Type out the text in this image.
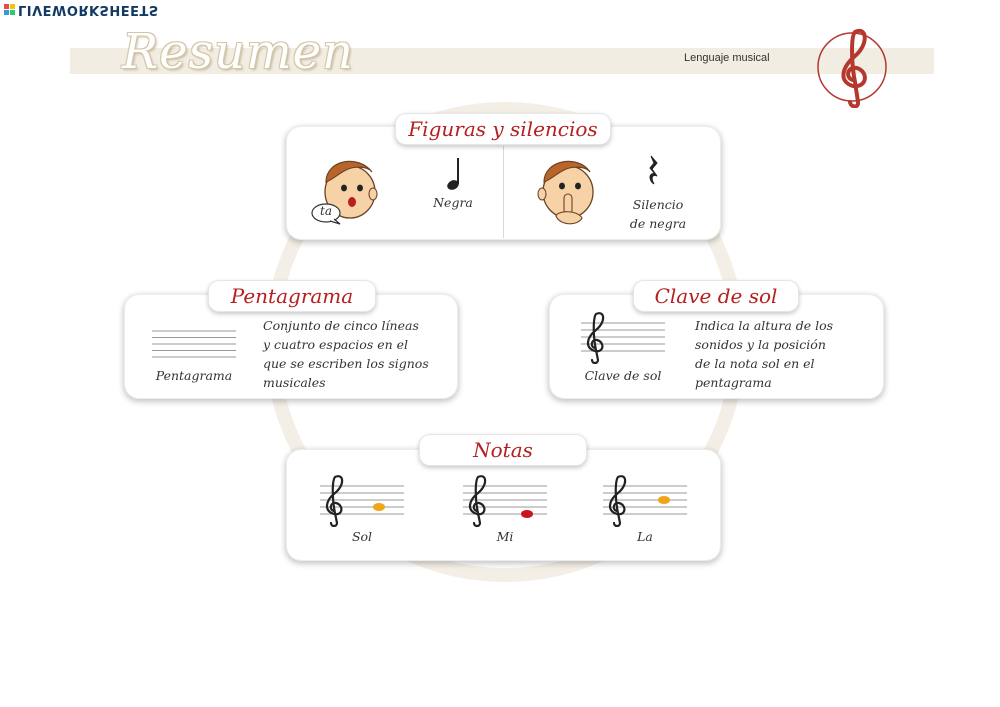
LIVEWORKSHEETS
Resumen	Lenguaje musical
ta
Negra	Silencio
de negra
Figuras y silencios
Pentagrama
Conjunto de cinco líneas
y cuatro espacios en el
que se escriben los signos
musicales
Pentagrama
Clave de sol
Indica la altura de los
sonidos y la posición
de la nota sol en el
pentagrama
Clave de sol
Sol	Mi	La
Notas
